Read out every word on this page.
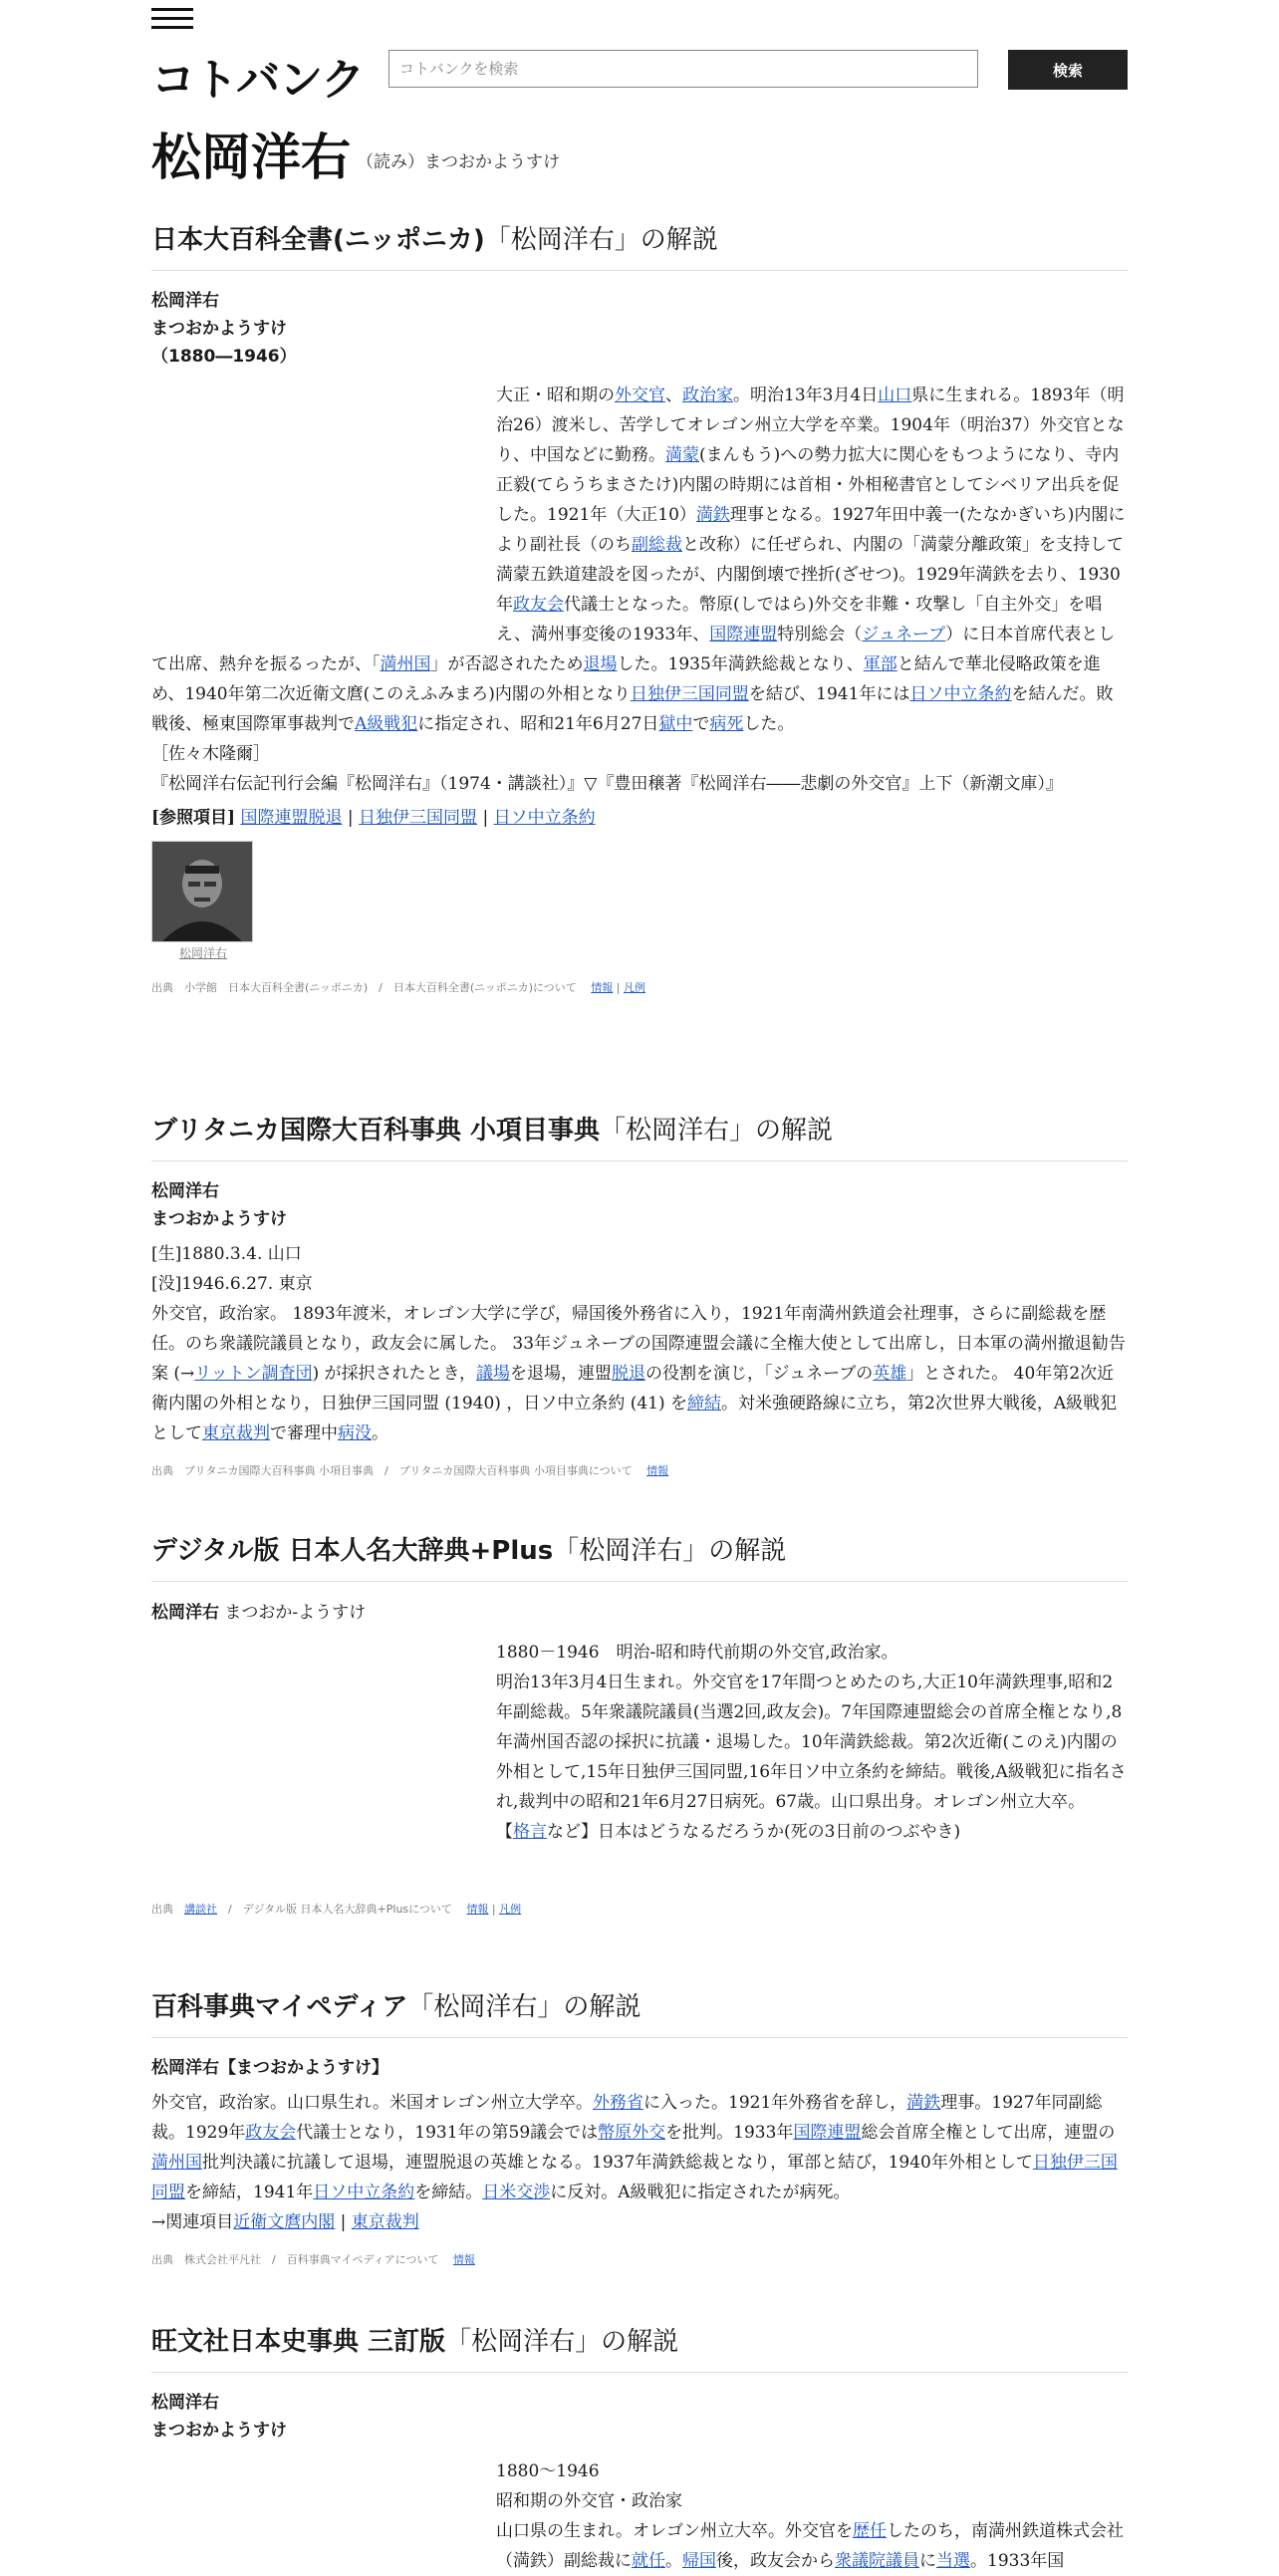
コトバンク
コトバンクを検索	検索
松岡洋右 （読み）まつおかようすけ
日本大百科全書(ニッポニカ)「松岡洋右」の解説
松岡洋右
まつおかようすけ
（1880―1946）
大正・昭和期の外交官、政治家。明治13年3月4日山口県に生まれる。1893年（明治26）渡米し、苦学してオレゴン州立大学を卒業。1904年（明治37）外交官となり、中国などに勤務。満蒙(まんもう)への勢力拡大に関心をもつようになり、寺内正毅(てらうちまさたけ)内閣の時期には首相・外相秘書官としてシベリア出兵を促した。1921年（大正10）満鉄理事となる。1927年田中義一(たなかぎいち)内閣により副社長（のち副総裁と改称）に任ぜられ、内閣の「満蒙分離政策」を支持して満蒙五鉄道建設を図ったが、内閣倒壊で挫折(ざせつ)。1929年満鉄を去り、1930年政友会代議士となった。幣原(しではら)外交を非難・攻撃し「自主外交」を唱え、満州事変後の1933年、国際連盟特別総会（ジュネーブ）に日本首席代表として出席、熱弁を振るったが、「満州国」が否認されたため退場した。1935年満鉄総裁となり、軍部と結んで華北侵略政策を進め、1940年第二次近衛文麿(このえふみまろ)内閣の外相となり日独伊三国同盟を結び、1941年には日ソ中立条約を結んだ。敗戦後、極東国際軍事裁判でA級戦犯に指定され、昭和21年6月27日獄中で病死した。
［佐々木隆爾］
『松岡洋右伝記刊行会編『松岡洋右』（1974・講談社）』▽『豊田穣著『松岡洋右――悲劇の外交官』上下（新潮文庫）』
[参照項目] 国際連盟脱退 | 日独伊三国同盟 | 日ソ中立条約
松岡洋右
出典　小学館　日本大百科全書(ニッポニカ)　/　日本大百科全書(ニッポニカ)について　 情報 | 凡例
ブリタニカ国際大百科事典 小項目事典「松岡洋右」の解説
松岡洋右
まつおかようすけ
[生]1880.3.4. 山口
[没]1946.6.27. 東京
外交官，政治家。 1893年渡米，オレゴン大学に学び，帰国後外務省に入り，1921年南満州鉄道会社理事，さらに副総裁を歴任。のち衆議院議員となり，政友会に属した。 33年ジュネーブの国際連盟会議に全権大使として出席し，日本軍の満州撤退勧告案 (→リットン調査団) が採択されたとき，議場を退場，連盟脱退の役割を演じ，「ジュネーブの英雄」とされた。 40年第2次近衛内閣の外相となり，日独伊三国同盟 (1940) ，日ソ中立条約 (41) を締結。対米強硬路線に立ち，第2次世界大戦後，A級戦犯として東京裁判で審理中病没。
出典　ブリタニカ国際大百科事典 小項目事典　/　ブリタニカ国際大百科事典 小項目事典について　 情報
デジタル版 日本人名大辞典+Plus「松岡洋右」の解説
松岡洋右 まつおか-ようすけ
1880－1946　明治-昭和時代前期の外交官,政治家。
明治13年3月4日生まれ。外交官を17年間つとめたのち,大正10年満鉄理事,昭和2年副総裁。5年衆議院議員(当選2回,政友会)。7年国際連盟総会の首席全権となり,8年満州国否認の採択に抗議・退場した。10年満鉄総裁。第2次近衛(このえ)内閣の外相として,15年日独伊三国同盟,16年日ソ中立条約を締結。戦後,A級戦犯に指名され,裁判中の昭和21年6月27日病死。67歳。山口県出身。オレゴン州立大卒。
【格言など】日本はどうなるだろうか(死の3日前のつぶやき)
出典　講談社　/　デジタル版 日本人名大辞典+Plusについて　 情報 | 凡例
百科事典マイペディア「松岡洋右」の解説
松岡洋右【まつおかようすけ】
外交官，政治家。山口県生れ。米国オレゴン州立大学卒。外務省に入った。1921年外務省を辞し，満鉄理事。1927年同副総裁。1929年政友会代議士となり，1931年の第59議会では幣原外交を批判。1933年国際連盟総会首席全権として出席，連盟の満州国批判決議に抗議して退場，連盟脱退の英雄となる。1937年満鉄総裁となり，軍部と結び，1940年外相として日独伊三国同盟を締結，1941年日ソ中立条約を締結。日米交渉に反対。A級戦犯に指定されたが病死。
→関連項目近衛文麿内閣 | 東京裁判
出典　株式会社平凡社　/　百科事典マイペディアについて　 情報
旺文社日本史事典 三訂版「松岡洋右」の解説
松岡洋右
まつおかようすけ
1880〜1946
昭和期の外交官・政治家
山口県の生まれ。オレゴン州立大卒。外交官を歴任したのち，南満州鉄道株式会社（満鉄）副総裁に就任。帰国後，政友会から衆議院議員に当選。1933年国
